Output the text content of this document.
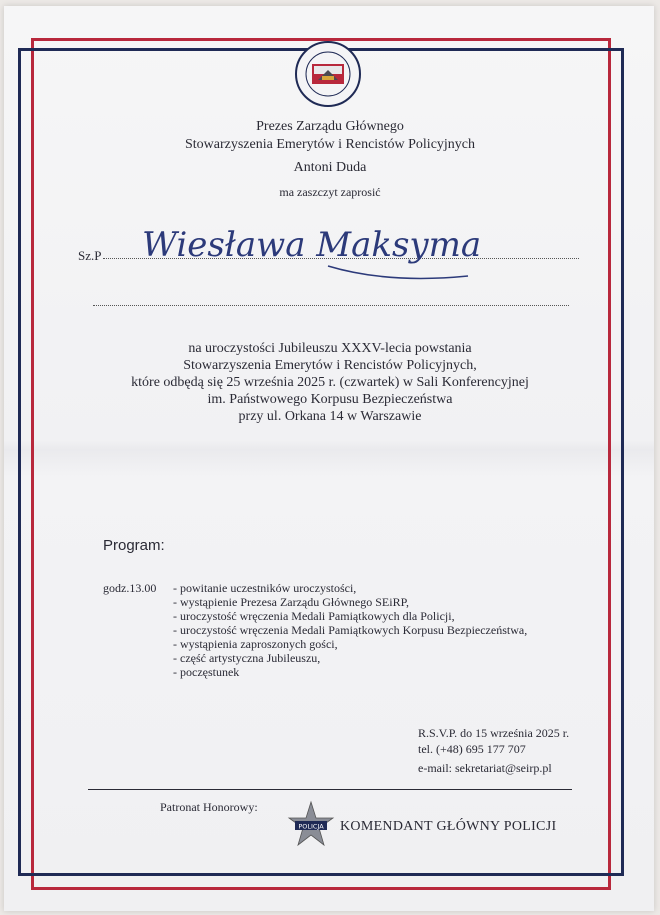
Prezes Zarządu Głównego
Stowarzyszenia Emerytów i Rencistów Policyjnych
Antoni Duda
ma zaszczyt zaprosić
Sz.P Wiesława Maksyma
na uroczystości Jubileuszu XXXV-lecia powstania
Stowarzyszenia Emerytów i Rencistów Policyjnych,
które odbędą się 25 września 2025 r. (czwartek) w Sali Konferencyjnej
im. Państwowego Korpusu Bezpieczeństwa
przy ul. Orkana 14 w Warszawie
Program:
godz.13.00 - powitanie uczestników uroczystości,
- wystąpienie Prezesa Zarządu Głównego SEiRP,
- uroczystość wręczenia Medali Pamiątkowych dla Policji,
- uroczystość wręczenia Medali Pamiątkowych Korpusu Bezpieczeństwa,
- wystąpienia zaproszonych gości,
- część artystyczna Jubileuszu,
- poczęstunek
R.S.V.P. do 15 września 2025 r.
tel. (+48) 695 177 707
e-mail: sekretariat@seirp.pl
Patronat Honorowy:
POLICJA KOMENDANT GŁÓWNY POLICJI
